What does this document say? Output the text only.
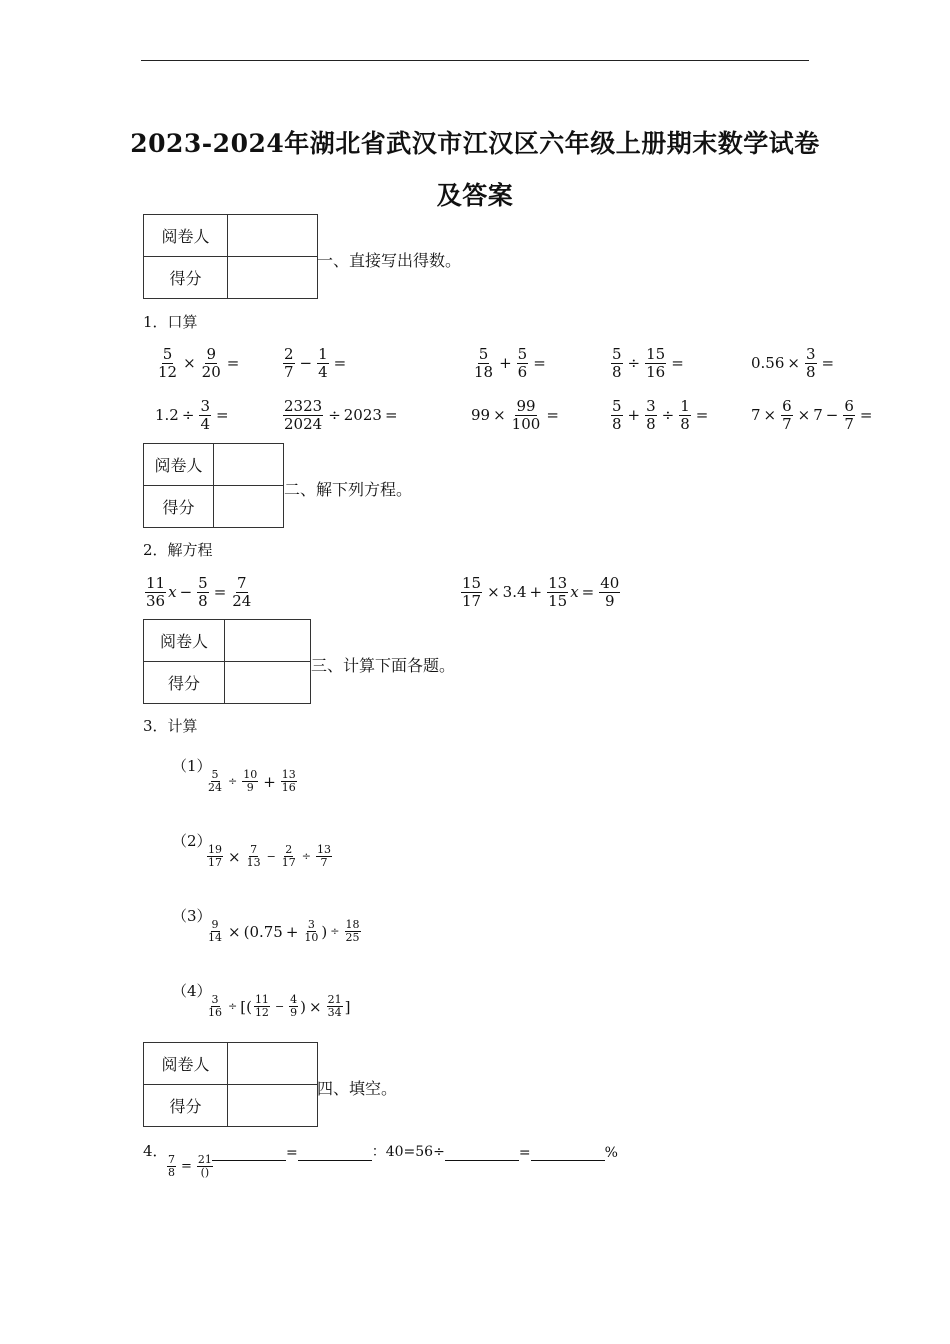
2023-2024年湖北省武汉市江汉区六年级上册期末数学试卷
及答案
阅卷人	
得分	
一、直接写出得数。
1．口算
$\frac{5}{12} \times \frac{9}{20}$ =	$\frac{2}{7} - \frac{1}{4}$ =	$\frac{5}{18} + \frac{5}{6}$ =	$\frac{5}{8} \div \frac{15}{16}$ =	$0.56 \times \frac{3}{8}$ =
$1.2 \div \frac{3}{4}$ =	$\frac{2323}{2024} \div 2023$ =	$99 \times \frac{99}{100}$ =	$\frac{5}{8} + \frac{3}{8} \div \frac{1}{8}$ =	$7 \times \frac{6}{7} \times 7 - \frac{6}{7}$ =
阅卷人	
得分	
二、解下列方程。
2．解方程
$\frac{11}{36}$ $x - \frac{5}{8} = \frac{7}{24}$	$\frac{15}{17} \times 3.4 + \frac{13}{15}$ $x = \frac{40}{9}$
阅卷人	
得分	
三、计算下面各题。
3．计算
（1）
$\frac{5}{24} \div \frac{10}{9} + \frac{13}{16}$
（2）
$\frac{19}{17} \times \frac{7}{13} - \frac{2}{17} \div \frac{13}{7}$
（3）
$\frac{9}{14}$ × ( $0.75 + \frac{3}{10}$ ) ÷ $\frac{18}{25}$
（4）
$\frac{3}{16}$ ÷ [( $\frac{11}{12} - \frac{4}{9}$ ) × $\frac{21}{34}$ ]
阅卷人	
得分	
四、填空。
4．
$\frac{7}{8} = \frac{21}{()}$
=	：40=56÷	=	%
